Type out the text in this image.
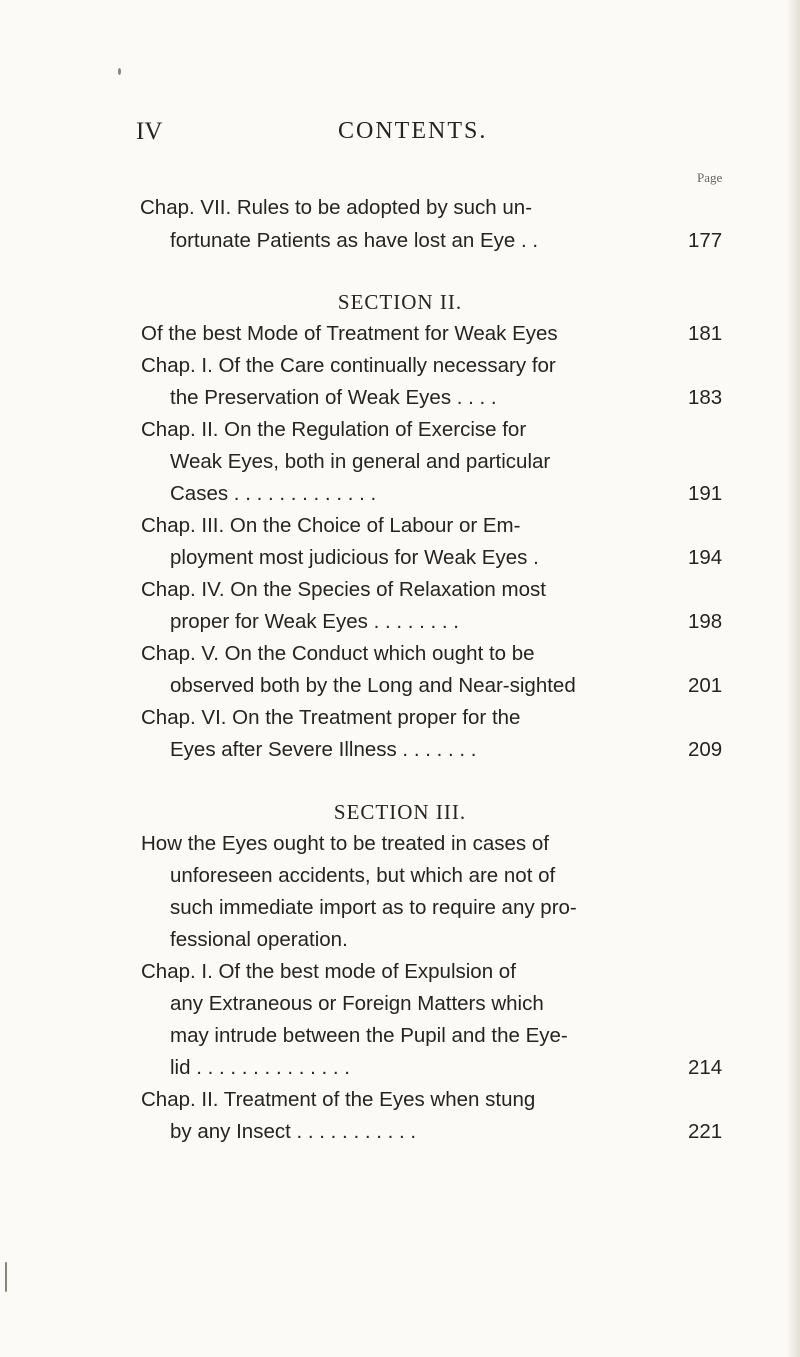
IV	CONTENTS.
Page
Chap. VII. Rules to be adopted by such un-
fortunate Patients as have lost an Eye . .	177
SECTION II.
Of the best Mode of Treatment for Weak Eyes	181
Chap. I. Of the Care continually necessary for
the Preservation of Weak Eyes . . . .	183
Chap. II. On the Regulation of Exercise for
Weak Eyes, both in general and particular
Cases . . . . . . . . . . . . .	191
Chap. III. On the Choice of Labour or Em-
ployment most judicious for Weak Eyes .	194
Chap. IV. On the Species of Relaxation most
proper for Weak Eyes . . . . . . . .	198
Chap. V. On the Conduct which ought to be
observed both by the Long and Near-sighted	201
Chap. VI. On the Treatment proper for the
Eyes after Severe Illness . . . . . . .	209
SECTION III.
How the Eyes ought to be treated in cases of
unforeseen accidents, but which are not of
such immediate import as to require any pro-
fessional operation.
Chap. I. Of the best mode of Expulsion of
any Extraneous or Foreign Matters which
may intrude between the Pupil and the Eye-
lid . . . . . . . . . . . . . .	214
Chap. II. Treatment of the Eyes when stung
by any Insect . . . . . . . . . . .	221
